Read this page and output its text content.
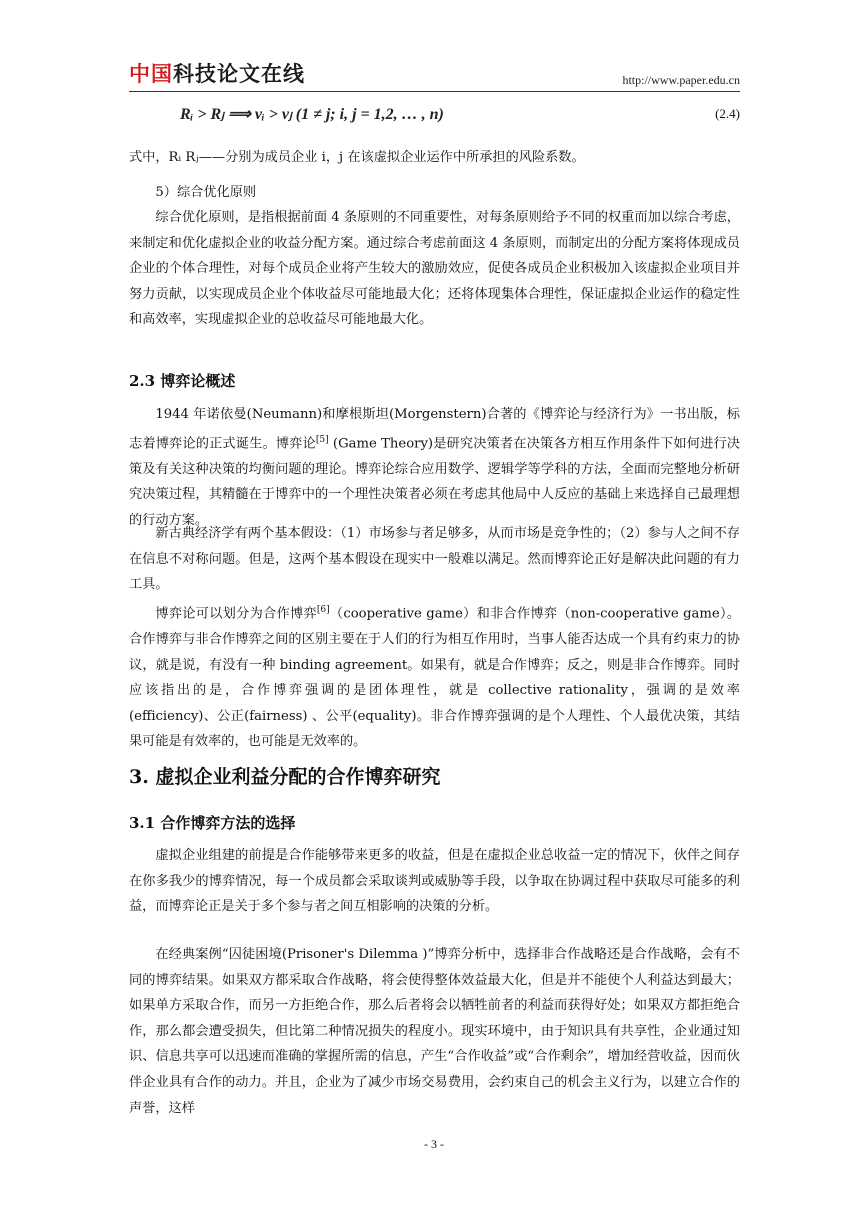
中国科技论文在线	http://www.paper.edu.cn
Rᵢ > Rⱼ ⟹ vᵢ > vⱼ (1 ≠ j; i, j = 1,2, … , n)	(2.4)

式中，Rᵢ Rⱼ——分别为成员企业 i，j 在该虚拟企业运作中所承担的风险系数。

5）综合优化原则

综合优化原则，是指根据前面 4 条原则的不同重要性，对每条原则给予不同的权重而加以综合考虑，来制定和优化虚拟企业的收益分配方案。通过综合考虑前面这 4 条原则，而制定出的分配方案将体现成员企业的个体合理性，对每个成员企业将产生较大的激励效应，促使各成员企业积极加入该虚拟企业项目并努力贡献，以实现成员企业个体收益尽可能地最大化；还将体现集体合理性，保证虚拟企业运作的稳定性和高效率，实现虚拟企业的总收益尽可能地最大化。

2.3 博弈论概述

1944 年诺依曼(Neumann)和摩根斯坦(Morgenstern)合著的《博弈论与经济行为》一书出版，标志着博弈论的正式诞生。博弈论[5] (Game Theory)是研究决策者在决策各方相互作用条件下如何进行决策及有关这种决策的均衡问题的理论。博弈论综合应用数学、逻辑学等学科的方法，全面而完整地分析研究决策过程，其精髓在于博弈中的一个理性决策者必须在考虑其他局中人反应的基础上来选择自己最理想的行动方案。

新古典经济学有两个基本假设：（1）市场参与者足够多，从而市场是竞争性的；（2）参与人之间不存在信息不对称问题。但是，这两个基本假设在现实中一般难以满足。然而博弈论正好是解决此问题的有力工具。

博弈论可以划分为合作博弈[6]（cooperative game）和非合作博弈（non-cooperative game）。合作博弈与非合作博弈之间的区别主要在于人们的行为相互作用时，当事人能否达成一个具有约束力的协议，就是说，有没有一种 binding agreement。如果有，就是合作博弈；反之，则是非合作博弈。同时应该指出的是，合作博弈强调的是团体理性，就是 collective rationality，强调的是效率(efficiency)、公正(fairness) 、公平(equality)。非合作博弈强调的是个人理性、个人最优决策，其结果可能是有效率的，也可能是无效率的。

3. 虚拟企业利益分配的合作博弈研究
3.1 合作博弈方法的选择

虚拟企业组建的前提是合作能够带来更多的收益，但是在虚拟企业总收益一定的情况下，伙伴之间存在你多我少的博弈情况，每一个成员都会采取谈判或威胁等手段，以争取在协调过程中获取尽可能多的利益，而博弈论正是关于多个参与者之间互相影响的决策的分析。

在经典案例“囚徒困境(Prisoner's Dilemma )”博弈分析中，选择非合作战略还是合作战略，会有不同的博弈结果。如果双方都采取合作战略，将会使得整体效益最大化，但是并不能使个人利益达到最大；如果单方采取合作，而另一方拒绝合作，那么后者将会以牺牲前者的利益而获得好处；如果双方都拒绝合作，那么都会遭受损失，但比第二种情况损失的程度小。现实环境中，由于知识具有共享性，企业通过知识、信息共享可以迅速而准确的掌握所需的信息，产生“合作收益”或“合作剩余”，增加经营收益，因而伙伴企业具有合作的动力。并且，企业为了减少市场交易费用，会约束自己的机会主义行为，以建立合作的声誉，这样

- 3 -
